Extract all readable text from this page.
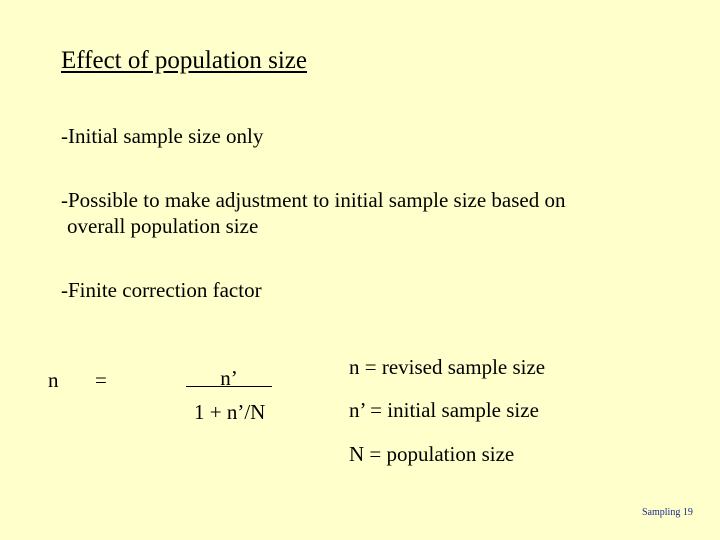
Effect of population size
-Initial sample size only
-Possible to make adjustment to initial sample size based on
overall population size
-Finite correction factor
n =	n’
1 + n’/N
n = revised sample size
n’ = initial sample size
N = population size
Sampling 19
